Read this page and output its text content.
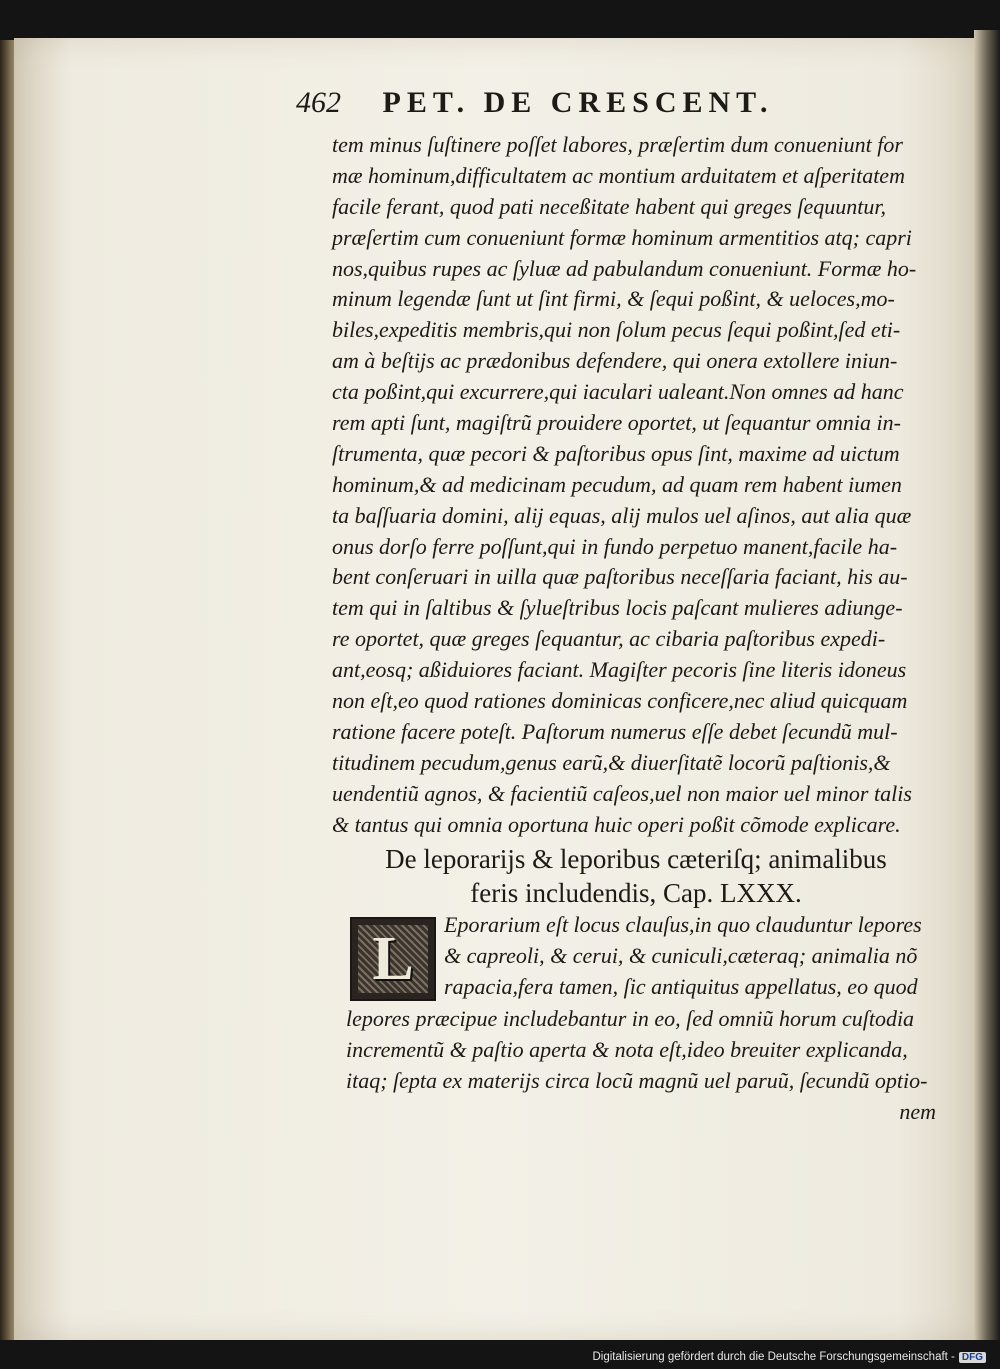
462 PET. DE CRESCENT.
tem minus ſuſtinere poſſet labores, præſertim dum conueniunt for
mæ hominum,difficultatem ac montium arduitatem et aſperitatem
facile ferant, quod pati neceßitate habent qui greges ſequuntur,
præſertim cum conueniunt formæ hominum armentitios atq; capri
nos,quibus rupes ac ſyluæ ad pabulandum conueniunt. Formæ ho-
minum legendæ ſunt ut ſint firmi, & ſequi poßint, & ueloces,mo-
biles,expeditis membris,qui non ſolum pecus ſequi poßint,ſed eti-
am à beſtijs ac prædonibus defendere, qui onera extollere iniun-
cta poßint,qui excurrere,qui iaculari ualeant.Non omnes ad hanc
rem apti ſunt, magiſtrũ prouidere oportet, ut ſequantur omnia in-
ſtrumenta, quæ pecori & paſtoribus opus ſint, maxime ad uictum
hominum,& ad medicinam pecudum, ad quam rem habent iumen
ta baſſuaria domini, alij equas, alij mulos uel aſinos, aut alia quæ
onus dorſo ferre poſſunt,qui in fundo perpetuo manent,facile ha-
bent conſeruari in uilla quæ paſtoribus neceſſaria faciant, his au-
tem qui in ſaltibus & ſylueſtribus locis paſcant mulieres adiunge-
re oportet, quæ greges ſequantur, ac cibaria paſtoribus expedi-
ant,eosq; aßiduiores faciant. Magiſter pecoris ſine literis idoneus
non eſt,eo quod rationes dominicas conficere,nec aliud quicquam
ratione facere poteſt. Paſtorum numerus eſſe debet ſecundũ mul-
titudinem pecudum,genus earũ,& diuerſitatẽ locorũ paſtionis,&
uendentiũ agnos, & facientiũ caſeos,uel non maior uel minor talis
& tantus qui omnia oportuna huic operi poßit cõmode explicare.
De leporarijs & leporibus cæteriſq; animalibus
feris includendis, Cap. LXXX.
L	Eporarium eſt locus clauſus,in quo clauduntur lepores
& capreoli, & cerui, & cuniculi,cæteraq; animalia nõ
rapacia,fera tamen, ſic antiquitus appellatus, eo quod
lepores præcipue includebantur in eo, ſed omniũ horum cuſtodia
incrementũ & paſtio aperta & nota eſt,ideo breuiter explicanda,
itaq; ſepta ex materijs circa locũ magnũ uel paruũ, ſecundũ optio-
nem
Digitalisierung gefördert durch die Deutsche Forschungsgemeinschaft - DFG
